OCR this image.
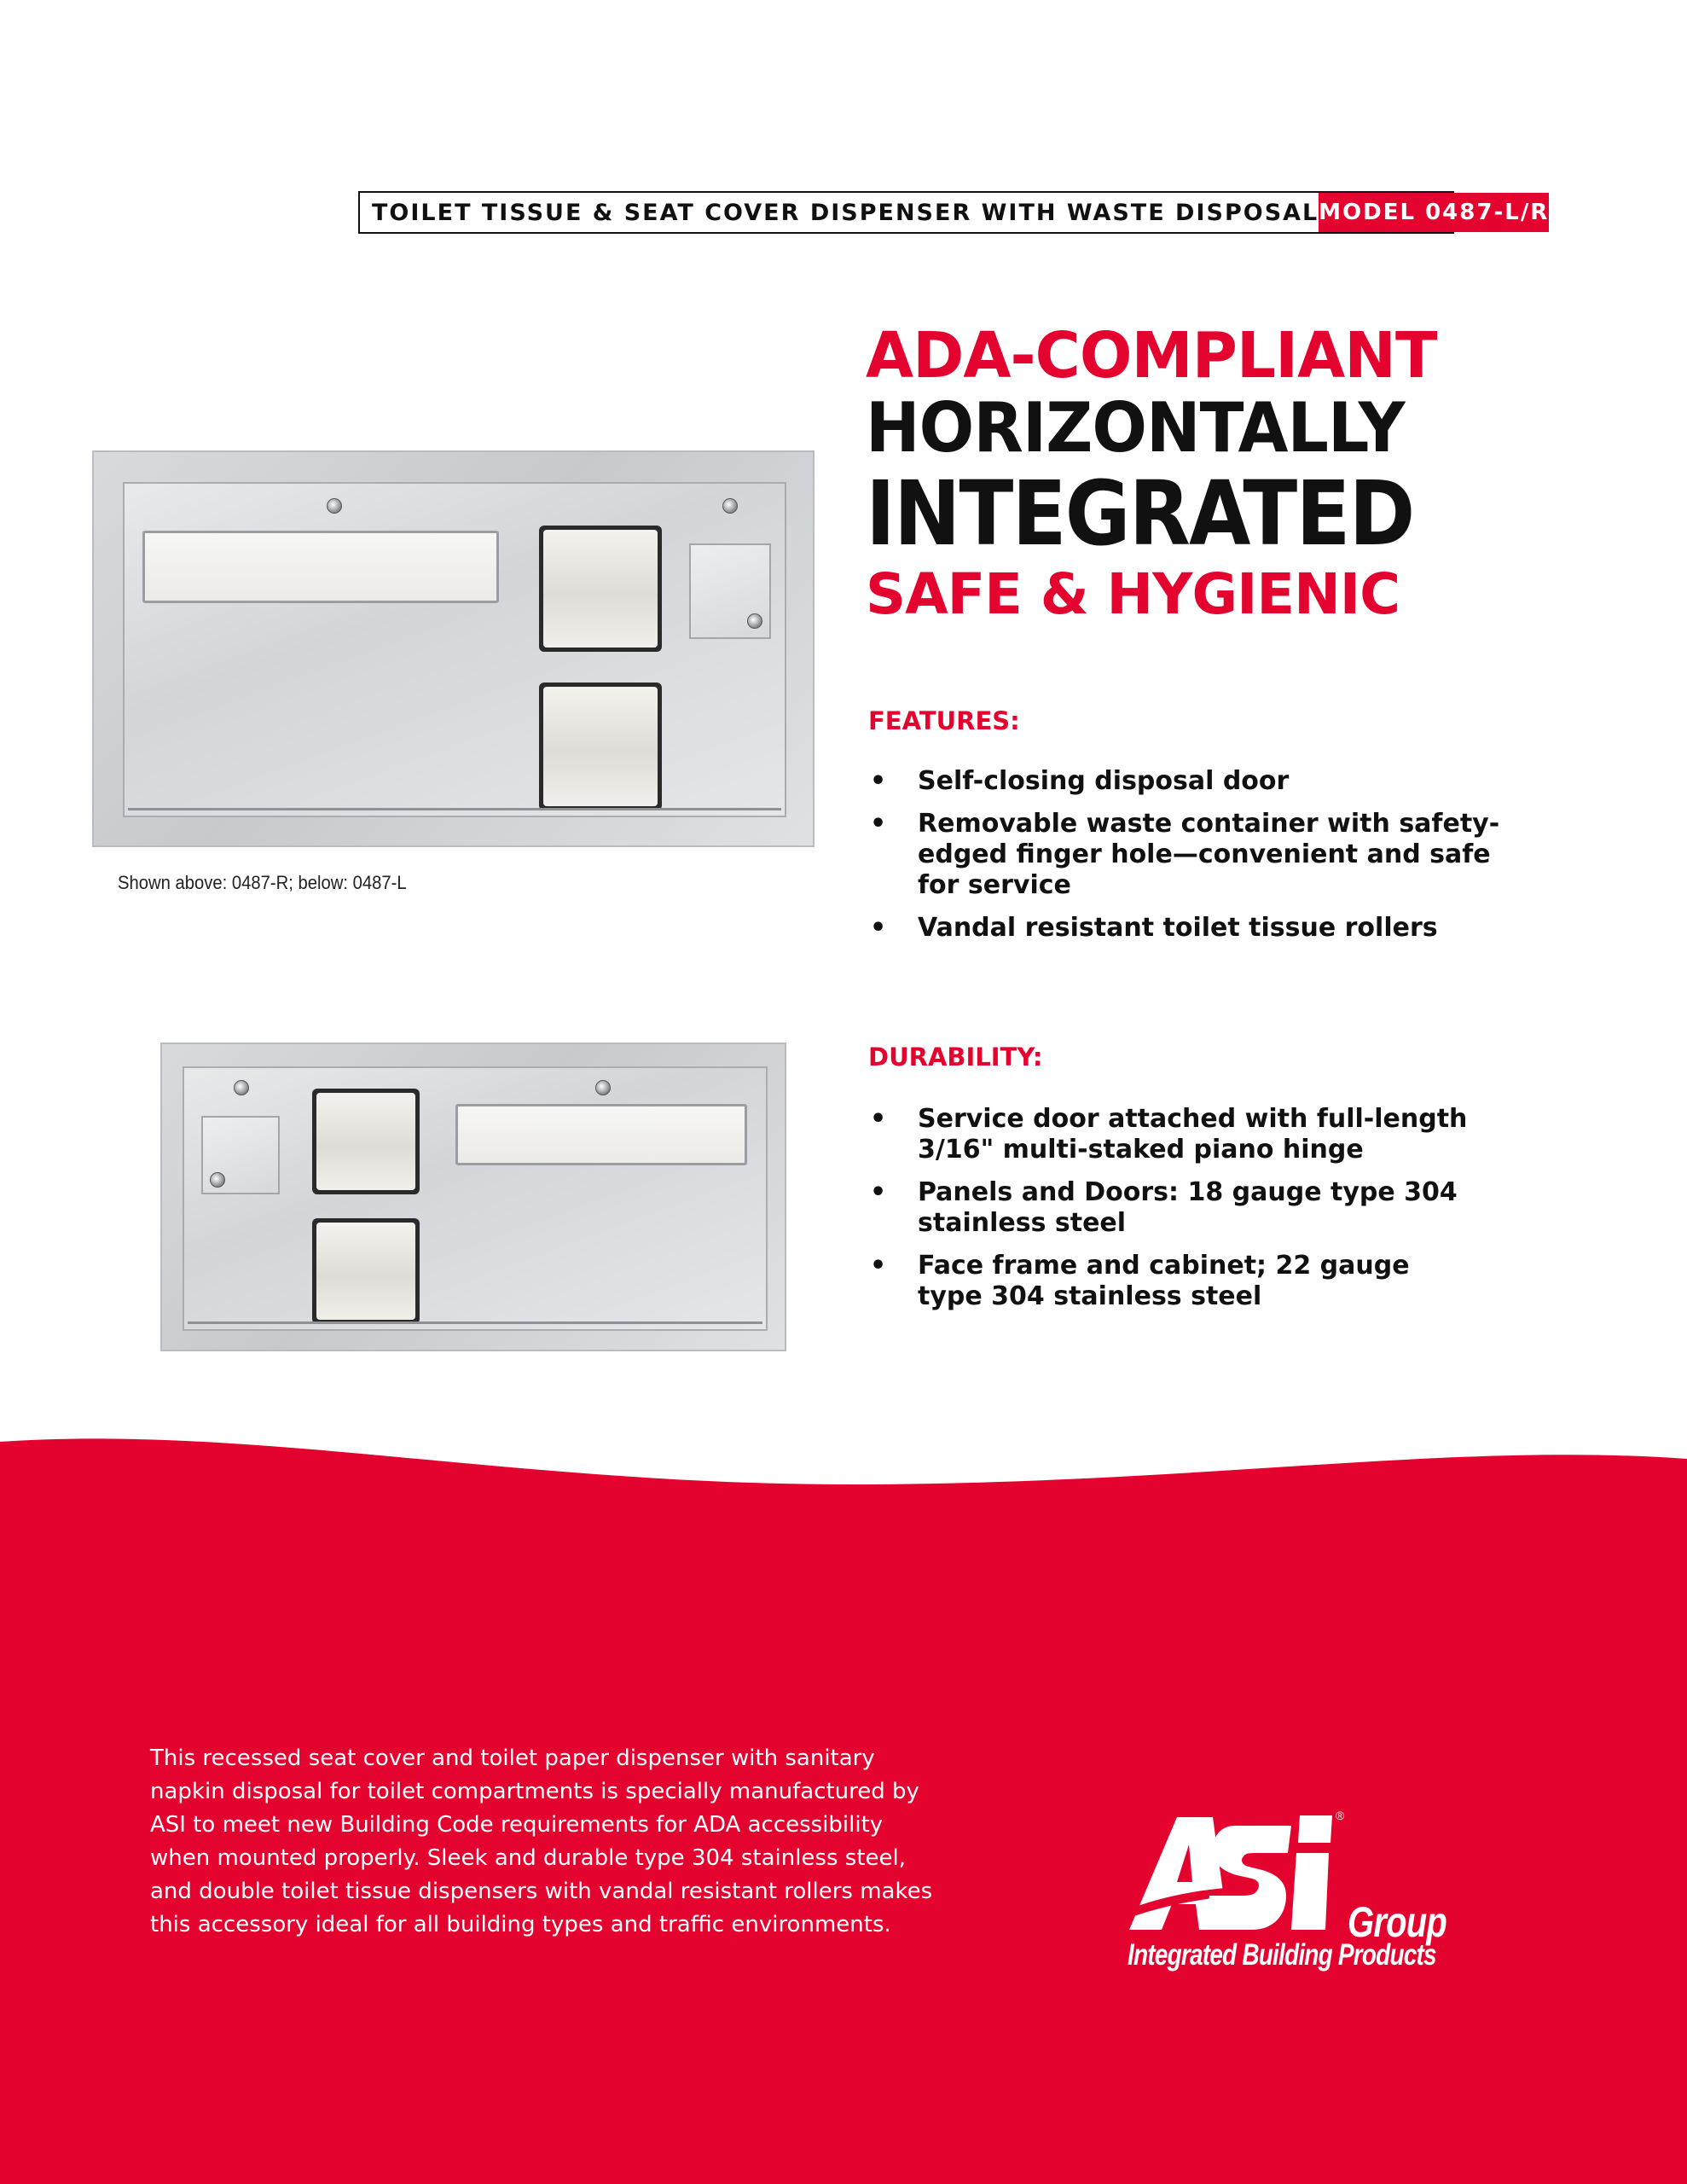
TOILET TISSUE & SEAT COVER DISPENSER WITH WASTE DISPOSAL MODEL 0487-L/R
ADA-COMPLIANT
HORIZONTALLY
INTEGRATED
SAFE & HYGIENIC
Shown above: 0487-R; below: 0487-L
FEATURES:
• Self-closing disposal door
• Removable waste container with safety-edged finger hole—convenient and safe for service
• Vandal resistant toilet tissue rollers
DURABILITY:
• Service door attached with full-length 3/16" multi-staked piano hinge
• Panels and Doors: 18 gauge type 304 stainless steel
• Face frame and cabinet; 22 gauge type 304 stainless steel
This recessed seat cover and toilet paper dispenser with sanitary napkin disposal for toilet compartments is specially manufactured by ASI to meet new Building Code requirements for ADA accessibility when mounted properly. Sleek and durable type 304 stainless steel, and double toilet tissue dispensers with vandal resistant rollers makes this accessory ideal for all building types and traffic environments.
®
Group
Integrated Building Products
